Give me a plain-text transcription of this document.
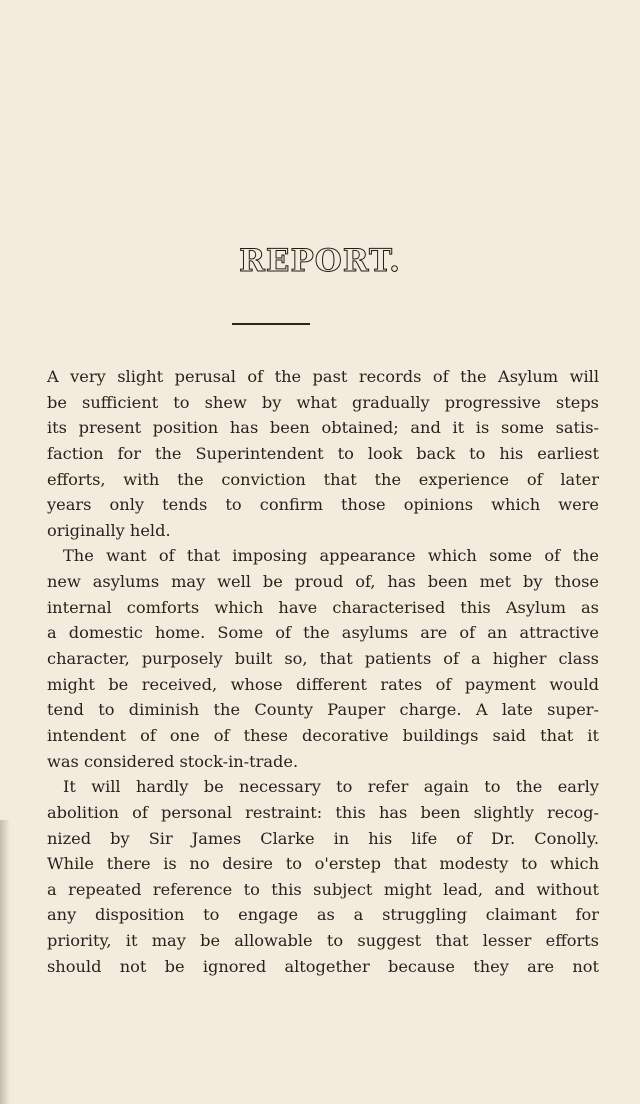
REPORT.
A very slight perusal of the past records of the Asylum will
be sufficient to shew by what gradually progressive steps
its present position has been obtained; and it is some satis-
faction for the Superintendent to look back to his earliest
efforts, with the conviction that the experience of later
years only tends to confirm those opinions which were
originally held.
The want of that imposing appearance which some of the
new asylums may well be proud of, has been met by those
internal comforts which have characterised this Asylum as
a domestic home. Some of the asylums are of an attractive
character, purposely built so, that patients of a higher class
might be received, whose different rates of payment would
tend to diminish the County Pauper charge. A late super-
intendent of one of these decorative buildings said that it
was considered stock-in-trade.
It will hardly be necessary to refer again to the early
abolition of personal restraint: this has been slightly recog-
nized by Sir James Clarke in his life of Dr. Conolly.
While there is no desire to o'erstep that modesty to which
a repeated reference to this subject might lead, and without
any disposition to engage as a struggling claimant for
priority, it may be allowable to suggest that lesser efforts
should not be ignored altogether because they are not
